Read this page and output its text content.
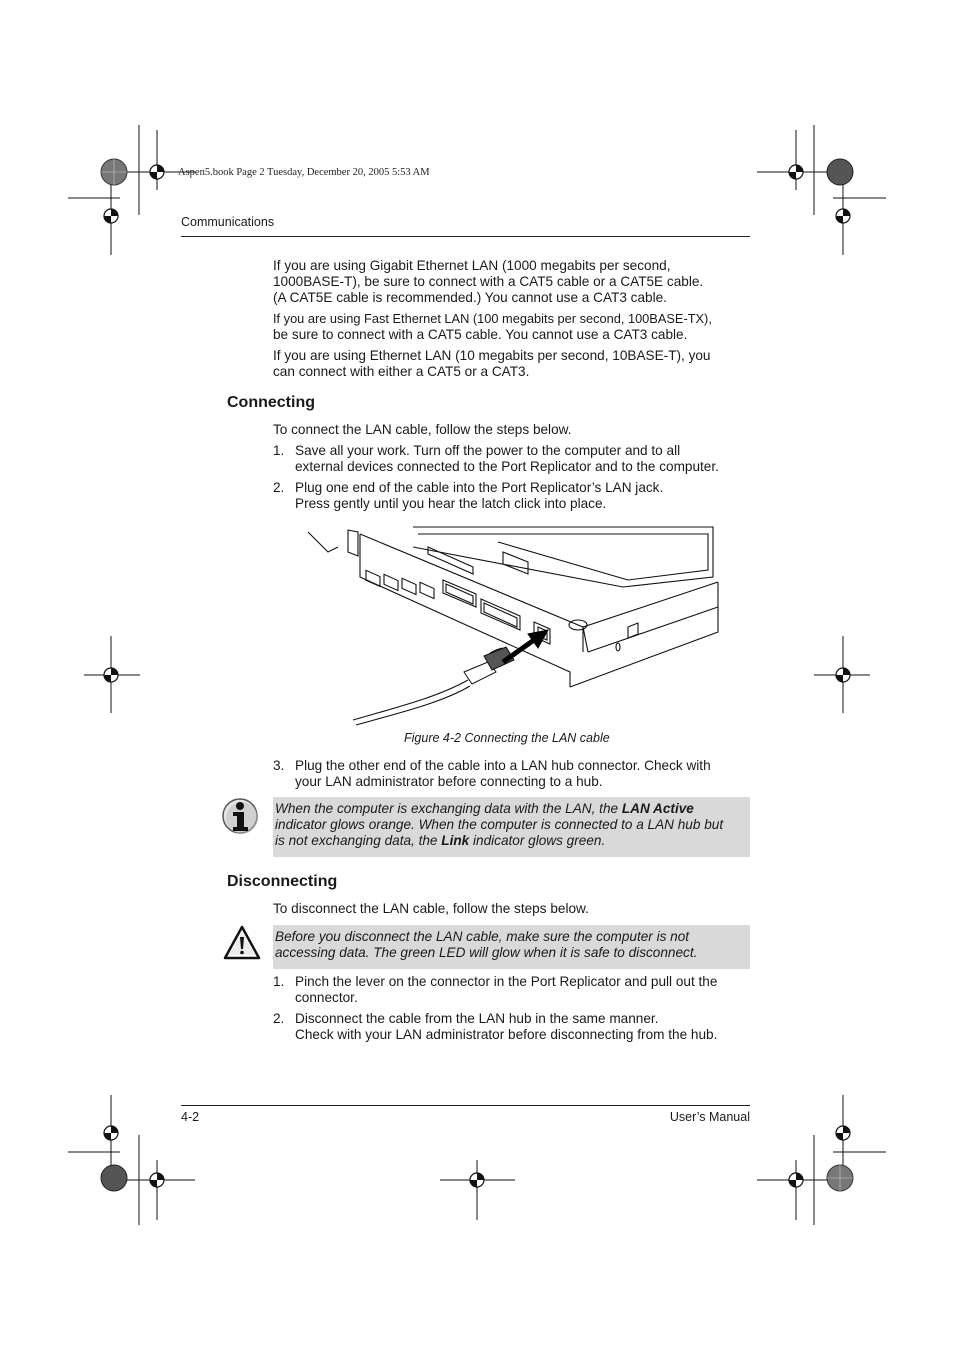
Aspen5.book Page 2 Tuesday, December 20, 2005 5:53 AM
Communications
If you are using Gigabit Ethernet LAN (1000 megabits per second,
1000BASE-T), be sure to connect with a CAT5 cable or a CAT5E cable.
(A CAT5E cable is recommended.) You cannot use a CAT3 cable.
If you are using Fast Ethernet LAN (100 megabits per second, 100BASE-TX),
be sure to connect with a CAT5 cable. You cannot use a CAT3 cable.
If you are using Ethernet LAN (10 megabits per second, 10BASE-T), you
can connect with either a CAT5 or a CAT3.
Connecting
To connect the LAN cable, follow the steps below.
1. Save all your work. Turn off the power to the computer and to all
external devices connected to the Port Replicator and to the computer.
2. Plug one end of the cable into the Port Replicator’s LAN jack.
Press gently until you hear the latch click into place.
Figure 4-2 Connecting the LAN cable
3. Plug the other end of the cable into a LAN hub connector. Check with
your LAN administrator before connecting to a hub.
When the computer is exchanging data with the LAN, the LAN Active
indicator glows orange. When the computer is connected to a LAN hub but
is not exchanging data, the Link indicator glows green.
Disconnecting
To disconnect the LAN cable, follow the steps below.
Before you disconnect the LAN cable, make sure the computer is not
accessing data. The green LED will glow when it is safe to disconnect.
1. Pinch the lever on the connector in the Port Replicator and pull out the
connector.
2. Disconnect the cable from the LAN hub in the same manner.
Check with your LAN administrator before disconnecting from the hub.
4-2	User’s Manual
